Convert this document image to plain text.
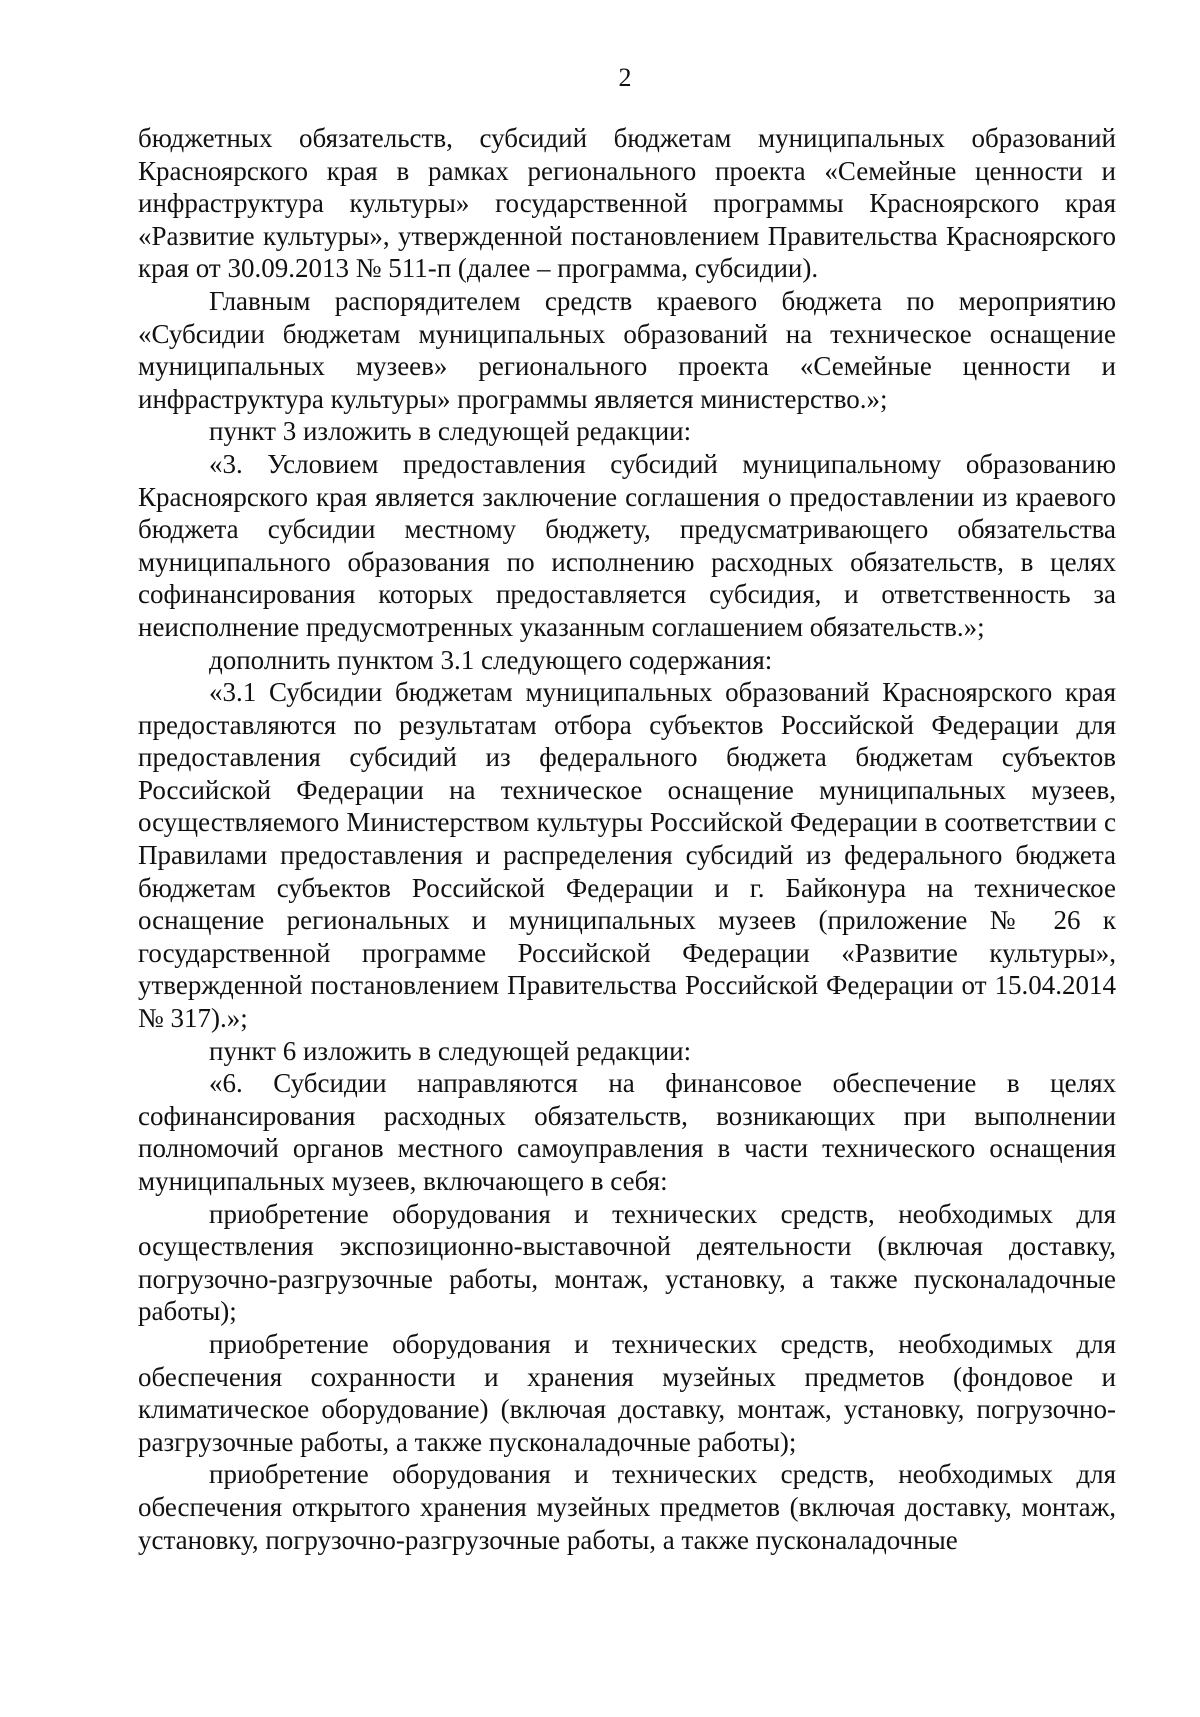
2

бюджетных обязательств, субсидий бюджетам муниципальных образований Красноярского края в рамках регионального проекта «Семейные ценности и инфраструктура культуры» государственной программы Красноярского края «Развитие культуры», утвержденной постановлением Правительства Красноярского края от 30.09.2013 № 511-п (далее – программа, субсидии).

Главным распорядителем средств краевого бюджета по мероприятию «Субсидии бюджетам муниципальных образований на техническое оснащение муниципальных музеев» регионального проекта «Семейные ценности и инфраструктура культуры» программы является министерство.»;

пункт 3 изложить в следующей редакции:

«3. Условием предоставления субсидий муниципальному образованию Красноярского края является заключение соглашения о предоставлении из краевого бюджета субсидии местному бюджету, предусматривающего обязательства муниципального образования по исполнению расходных обязательств, в целях софинансирования которых предоставляется субсидия, и ответственность за неисполнение предусмотренных указанным соглашением обязательств.»;

дополнить пунктом 3.1 следующего содержания:

«3.1 Субсидии бюджетам муниципальных образований Красноярского края предоставляются по результатам отбора субъектов Российской Федерации для предоставления субсидий из федерального бюджета бюджетам субъектов Российской Федерации на техническое оснащение муниципальных музеев, осуществляемого Министерством культуры Российской Федерации в соответствии с Правилами предоставления и распределения субсидий из федерального бюджета бюджетам субъектов Российской Федерации и г. Байконура на техническое оснащение региональных и муниципальных музеев (приложение № 26 к государственной программе Российской Федерации «Развитие культуры», утвержденной постановлением Правительства Российской Федерации от 15.04.2014 № 317).»;

пункт 6 изложить в следующей редакции:

«6. Субсидии направляются на финансовое обеспечение в целях софинансирования расходных обязательств, возникающих при выполнении полномочий органов местного самоуправления в части технического оснащения муниципальных музеев, включающего в себя:

приобретение оборудования и технических средств, необходимых для осуществления экспозиционно-выставочной деятельности (включая доставку, погрузочно-разгрузочные работы, монтаж, установку, а также пусконаладочные работы);

приобретение оборудования и технических средств, необходимых для обеспечения сохранности и хранения музейных предметов (фондовое и климатическое оборудование) (включая доставку, монтаж, установку, погрузочно-разгрузочные работы, а также пусконаладочные работы);

приобретение оборудования и технических средств, необходимых для обеспечения открытого хранения музейных предметов (включая доставку, монтаж, установку, погрузочно-разгрузочные работы, а также пусконаладочные
